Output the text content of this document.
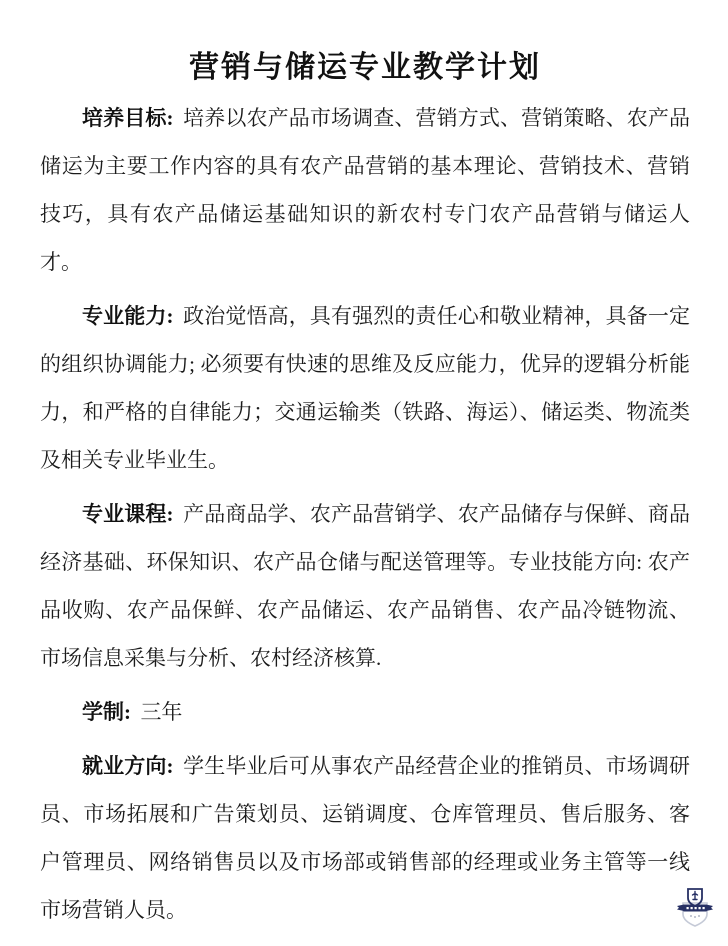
营销与储运专业教学计划

培养目标: 培养以农产品市场调查、营销方式、营销策略、农产品储运为主要工作内容的具有农产品营销的基本理论、营销技术、营销技巧，具有农产品储运基础知识的新农村专门农产品营销与储运人才。

专业能力: 政治觉悟高，具有强烈的责任心和敬业精神，具备一定的组织协调能力; 必须要有快速的思维及反应能力，优异的逻辑分析能力，和严格的自律能力；交通运输类（铁路、海运）、储运类、物流类及相关专业毕业生。

专业课程: 产品商品学、农产品营销学、农产品储存与保鲜、商品经济基础、环保知识、农产品仓储与配送管理等。专业技能方向: 农产品收购、农产品保鲜、农产品储运、农产品销售、农产品冷链物流、市场信息采集与分析、农村经济核算.

学制: 三年

就业方向: 学生毕业后可从事农产品经营企业的推销员、市场调研员、市场拓展和广告策划员、运销调度、仓库管理员、售后服务、客户管理员、网络销售员以及市场部或销售部的经理或业务主管等一线市场营销人员。
